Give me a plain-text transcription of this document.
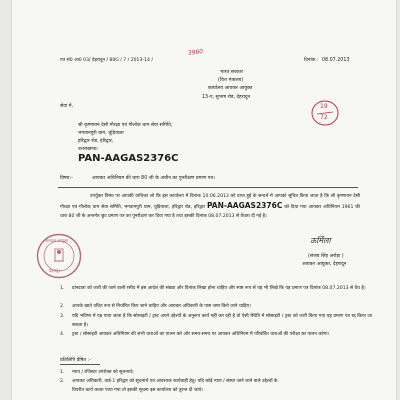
पत्र सं0 आ0 03/ देहरादून / 80G / 7 / 2013-14 /
3960
दिनांक : 08.07.2013
भारत सरकार
(वित्त मंत्रालय)
कार्यालय आयकर आयुक्त
13-ए, सुभाष रोड, देहरादून
सेवा में,
श्री कृष्णायन देसी गौरक्षा एवं गौलोक धाम सेवा समिति,
भगवानपुरी धाम, चूड़ियाला
हरिद्वार रोड, हरिद्वार,
उत्तराखण्ड।
PAN-AAGAS2376C
19
72
विषय:-	आयकर अधिनियम की धारा 80 जी के अधीन का पुनरीक्षण प्रमाण पत्र।
उपर्युक्त विषय पर आपकी याचिका जो कि इस कार्यालय में दिनांक 10.06.2013 को प्राप्त हुई के सन्दर्भ में आपको सूचित किया जाता है कि श्री कृष्णायन देसी गौरक्षा एवं गौलोक धाम सेवा समिति, भगवानपुरी धाम, चूड़ियाला, हरिद्वार रोड, हरिद्वार PAN-AAGAS2376C को दिया गया आयकर अधिनियम 1961 की धारा 80 जी के अन्तर्गत छूट प्रमाण पत्र का पुनरीक्षण कर दिया गया है तथा इसकी दिनांक 08.07.2013 से वैधता दी गई है।
ऊर्मिला
(संजय सिंह अरोड़ा )
आयकर आयुक्त, देहरादून
आयकर आयुक्त
देहरादून
1. दानदाता को जारी की जाने वाली रसीद में इस आदेश की संख्या और दिनांक लिखा होना चाहिए और स्पष्ट रूप से यह भी लिखें कि यह प्रमाण पत्र दिनांक 08.07.2013 से वैध है।
2. आपके खाते उचित रूप से निर्धारित किए जाने चाहिए और आयकर अधिकारी के पास जमा किये जाने चाहिए।
3. यदि भविष्य में यह पाया जाता है कि सोसाइटी / ट्रस्ट अपने उद्देश्यों के अनुरूप कार्य नहीं कर रही है तो ऐसी स्थिति में सोसाइटी / ट्रस्ट को जारी किया गया यह प्रमाण पत्र रद्द किया जा सकता है।
4. ट्रस्ट / सोसाइटी आयकर अधिनियम की सभी धाराओं का पालन करे और समय-समय पर आयकर अधिनियम में परिवर्तित धाराओं की परीक्षा का पालन करेगा।
प्रतिलिपि प्रेषित :-
1. न्याय / रजिस्टर उपरोक्त को सूचनार्थ।
2. आयकर अधिकारी, वार्ड-1 हरिद्वार को सूचनार्थ एवं आवश्यक कार्यवाही हेतु। यदि कोई न्याय / संस्था जाने जाने वाले उद्देश्यों के
विपरीत कार्य करता पाया गया तो इसकी सूचना इस कार्यालय को तुरन्त दी जाये।
